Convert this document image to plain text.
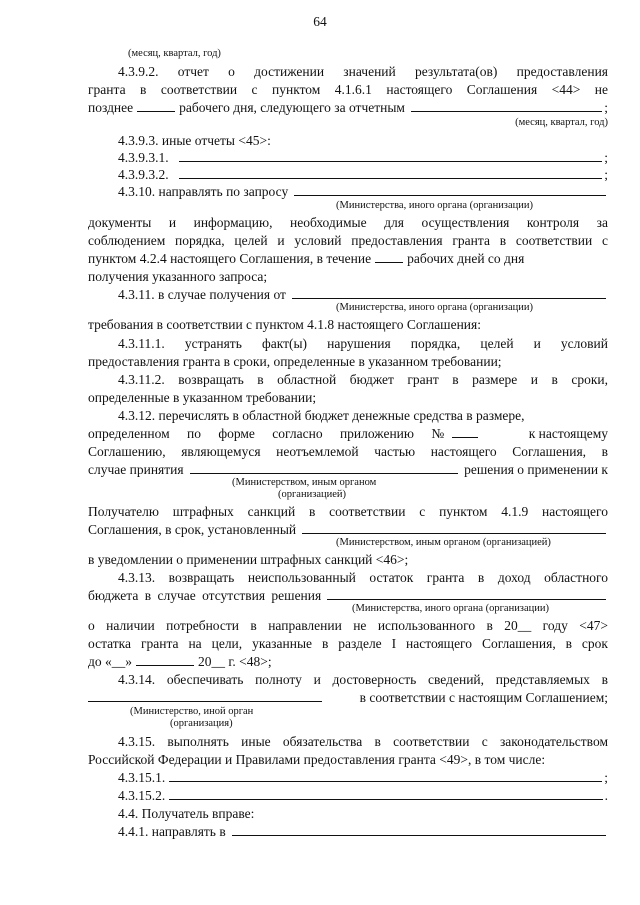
64
(месяц, квартал, год)
4.3.9.2. отчет о достижении значений результата(ов) предоставления
гранта в соответствии с пунктом 4.1.6.1 настоящего Соглашения <44> не
позднее	рабочего дня, следующего за отчетным	;
(месяц, квартал, год)
4.3.9.3. иные отчеты <45>:
4.3.9.3.1.	;
4.3.9.3.2.	;
4.3.10. направлять по запросу
(Министерства, иного органа (организации)
документы и информацию, необходимые для осуществления контроля за
соблюдением порядка, целей и условий предоставления гранта в соответствии с
пунктом 4.2.4 настоящего Соглашения, в течение	рабочих дней со дня
получения указанного запроса;
4.3.11. в случае получения от
(Министерства, иного органа (организации)
требования в соответствии с пунктом 4.1.8 настоящего Соглашения:
4.3.11.1. устранять факт(ы) нарушения порядка, целей и условий
предоставления гранта в сроки, определенные в указанном требовании;
4.3.11.2. возвращать в областной бюджет грант в размере и в сроки,
определенные в указанном требовании;
4.3.12. перечислять в областной бюджет денежные средства в размере,
определенном по форме согласно приложению №	к настоящему
Соглашению, являющемуся неотъемлемой частью настоящего Соглашения, в
случае принятия	решения о применении к
(Министерством, иным органом
(организацией)
Получателю штрафных санкций в соответствии с пунктом 4.1.9 настоящего
Соглашения, в срок, установленный
(Министерством, иным органом (организацией)
в уведомлении о применении штрафных санкций <46>;
4.3.13. возвращать неиспользованный остаток гранта в доход областного
бюджета в случае отсутствия решения
(Министерства, иного органа (организации)
о наличии потребности в направлении не использованного в 20__ году <47>
остатка гранта на цели, указанные в разделе I настоящего Соглашения, в срок
до «__»	20__ г. <48>;
4.3.14. обеспечивать полноту и достоверность сведений, представляемых в
в соответствии с настоящим Соглашением;
(Министерство, иной орган
(организация)
4.3.15. выполнять иные обязательства в соответствии с законодательством
Российской Федерации и Правилами предоставления гранта <49>, в том числе:
4.3.15.1.	;
4.3.15.2.	.
4.4. Получатель вправе:
4.4.1. направлять в
